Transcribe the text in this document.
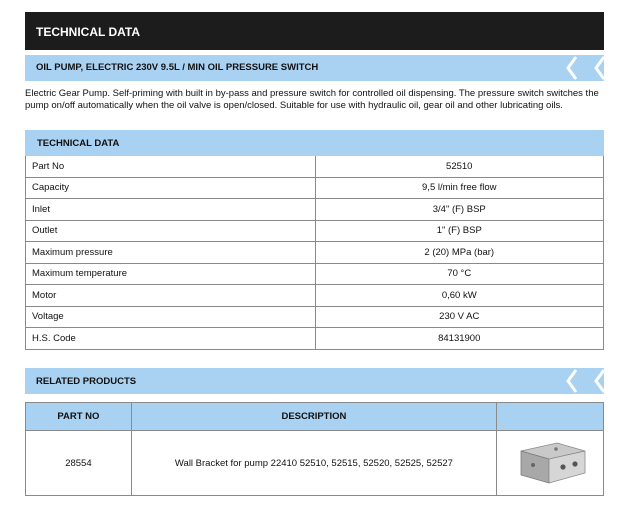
TECHNICAL DATA
OIL PUMP, ELECTRIC 230V 9.5L / MIN OIL PRESSURE SWITCH
Electric Gear Pump. Self-priming with built in by-pass and pressure switch for controlled oil dispensing. The pressure switch switches the pump on/off automatically when the oil valve is open/closed. Suitable for use with hydraulic oil, gear oil and other lubricating oils.
TECHNICAL DATA	
Part No	52510
Capacity	9,5 l/min free flow
Inlet	3/4" (F) BSP
Outlet	1" (F) BSP
Maximum pressure	2 (20) MPa (bar)
Maximum temperature	70 °C
Motor	0,60 kW
Voltage	230 V AC
H.S. Code	84131900
RELATED PRODUCTS
PART NO	DESCRIPTION	
28554	Wall Bracket for pump 22410 52510, 52515, 52520, 52525, 52527	
